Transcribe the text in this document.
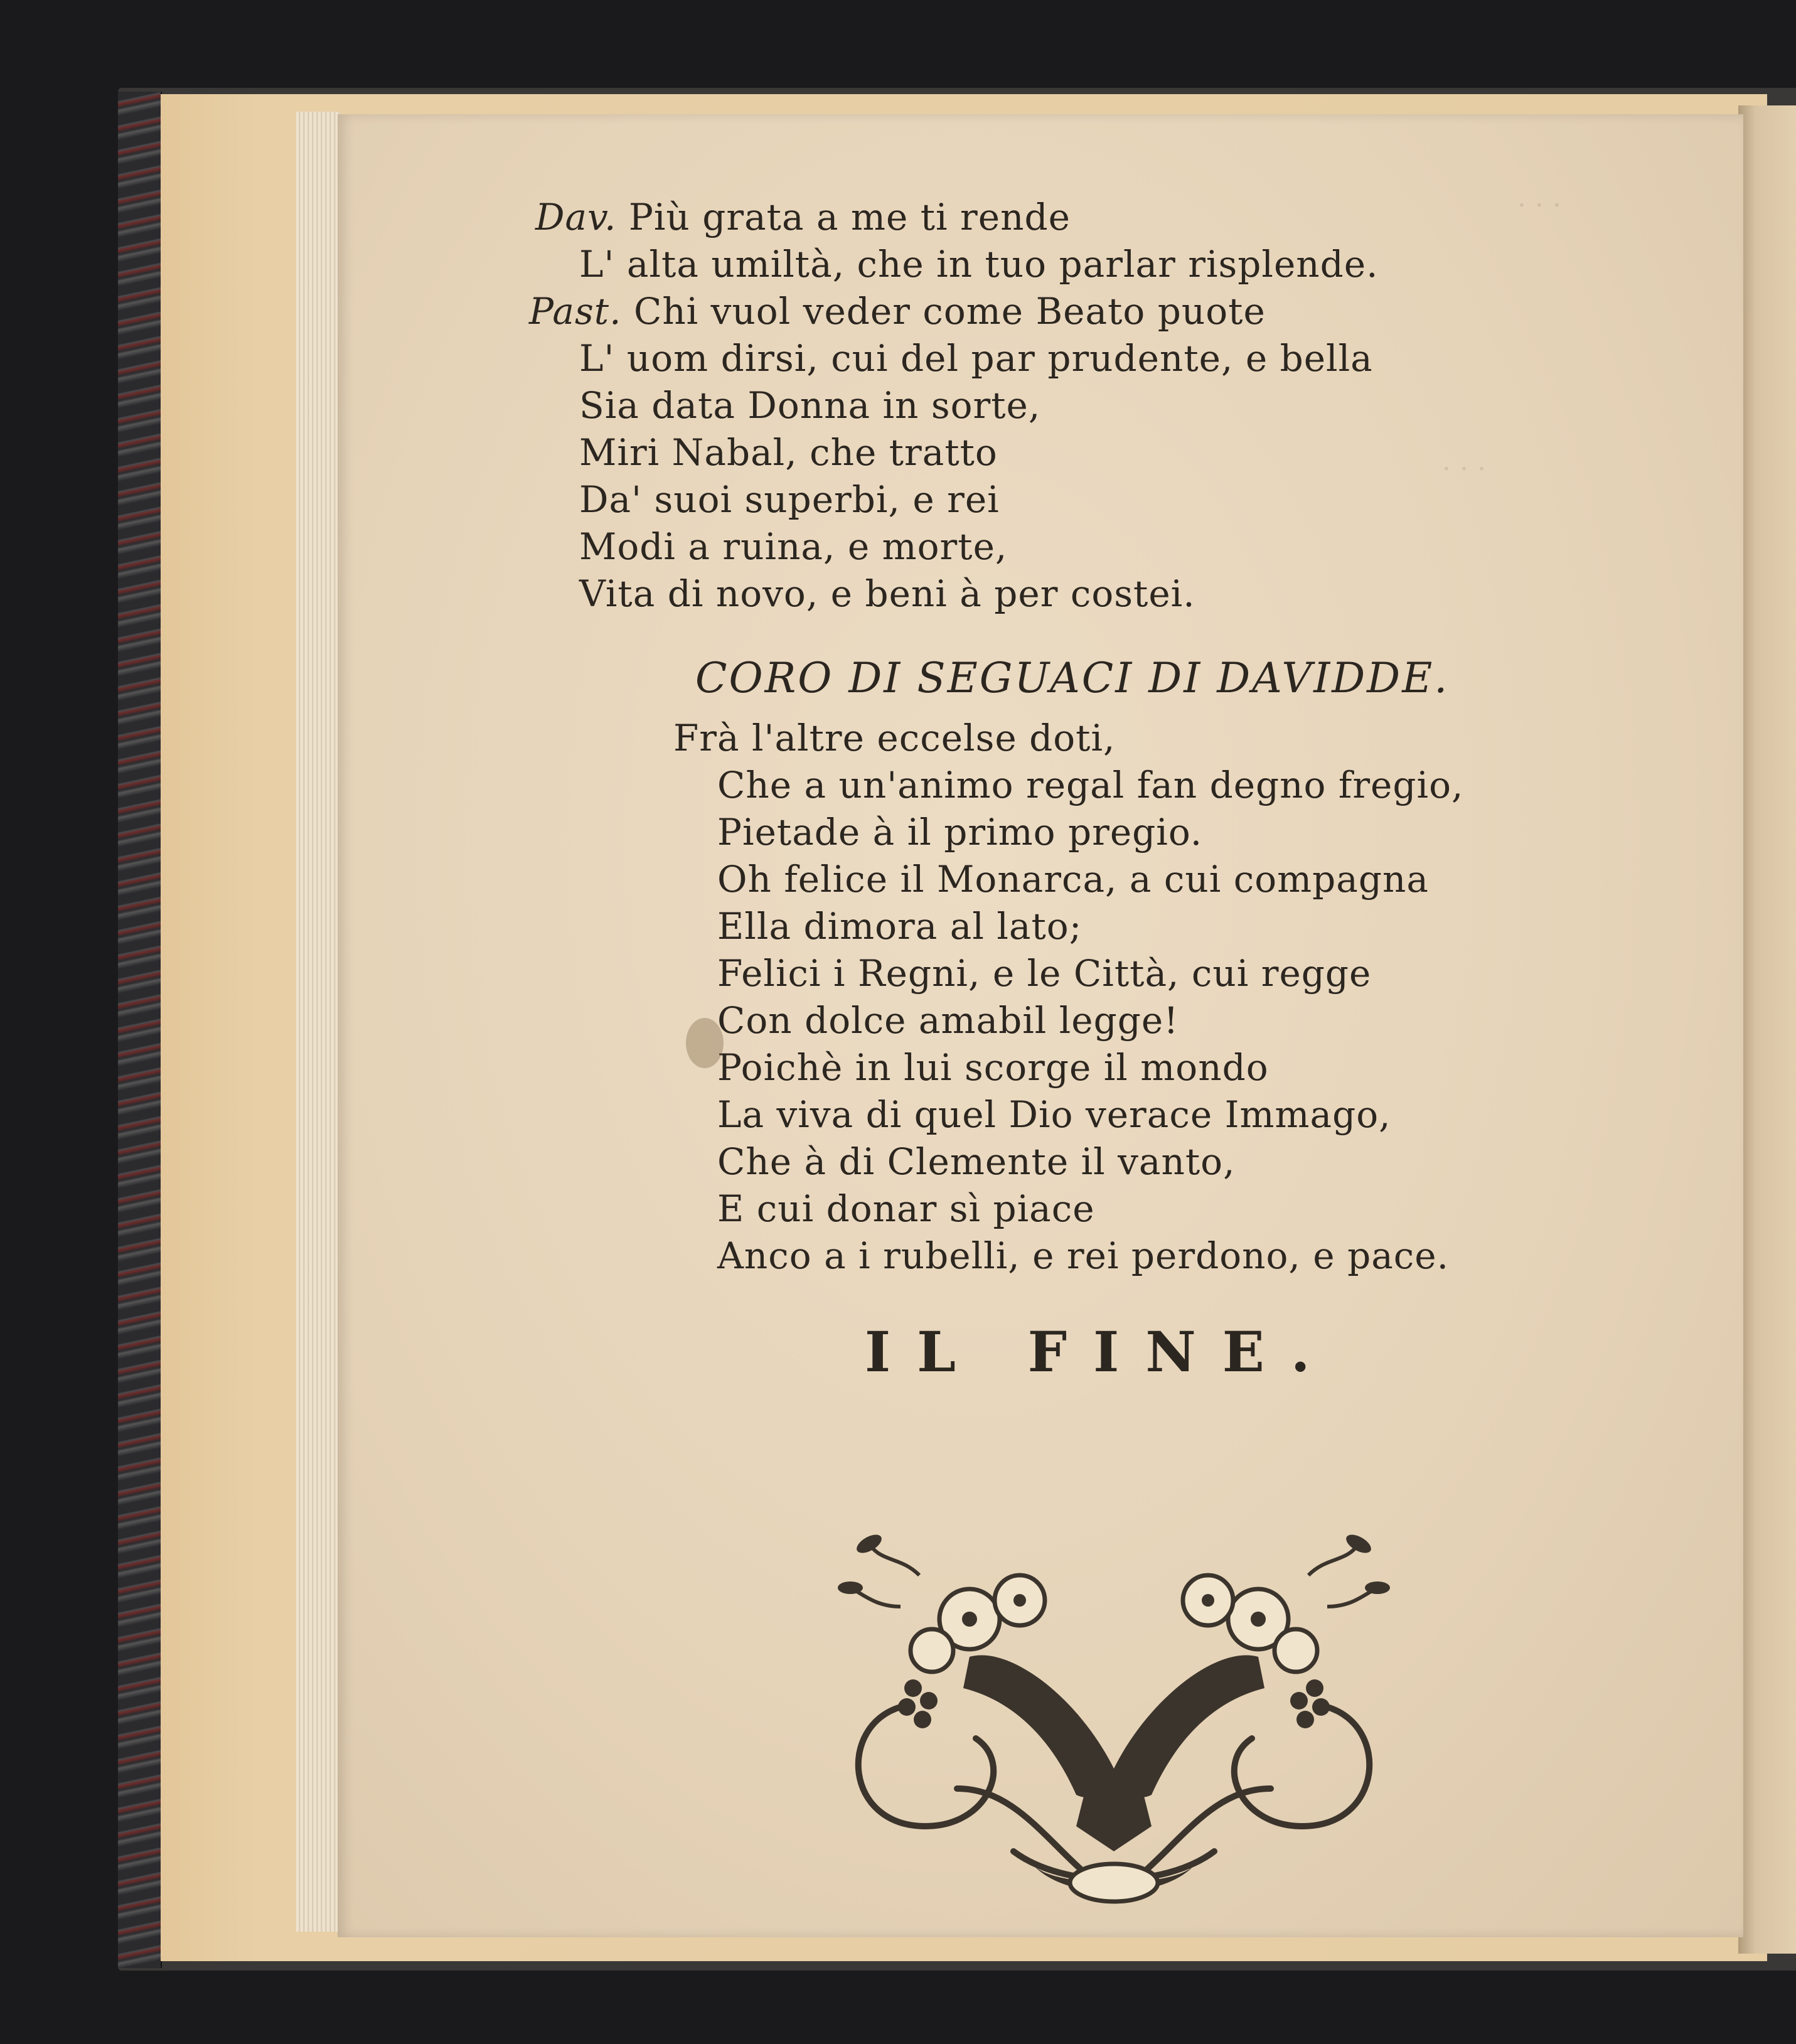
· · ·
· · ·
Dav. Più grata a me ti rende
L' alta umiltà, che in tuo parlar risplende.
Past. Chi vuol veder come Beato puote
L' uom dirsi, cui del par prudente, e bella
Sia data Donna in sorte,
Miri Nabal, che tratto
Da' suoi superbi, e rei
Modi a ruina, e morte,
Vita di novo, e beni à per costei.
CORO DI SEGUACI DI DAVIDDE.
Frà l'altre eccelse doti,
Che a un'animo regal fan degno fregio,
Pietade à il primo pregio.
Oh felice il Monarca, a cui compagna
Ella dimora al lato;
Felici i Regni, e le Città, cui regge
Con dolce amabil legge!
Poichè in lui scorge il mondo
La viva di quel Dio verace Immago,
Che à di Clemente il vanto,
E cui donar sì piace
Anco a i rubelli, e rei perdono, e pace.
IL FINE.
